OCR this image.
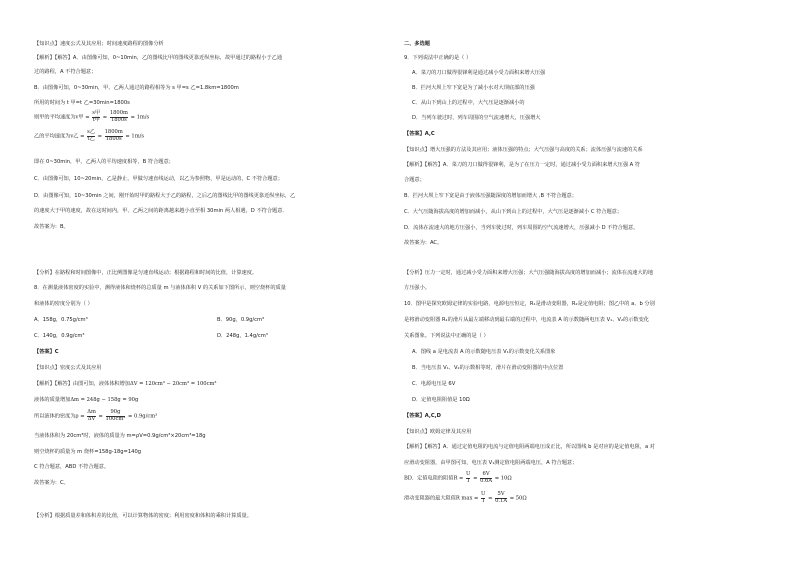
【知识点】速度公式及其应用；时间速度路程的图像分析
【解析】【解答】A．由图像可知，0~10min，乙的图线比甲的图线更靠近纵坐标，故甲通过的路程小于乙通
过的路程，A 不符合题意；
B．由图像可知，0~30min，甲、乙两人通过的路程相等为 s 甲=s 乙=1.8km=1800m
所用的时间为 t 甲=t 乙=30min=1800s
则甲的平均速度为v甲 = $\frac{\text{s甲}}{\text{t甲}} = \frac{1800m}{1800s} = 1m/s$
乙的平均速度为v乙 = $\frac{\text{s乙}}{\text{t乙}} = \frac{1800m}{1800s} = 1m/s$
即在 0~30min，甲、乙两人的平均速度相等，B 符合题意；
C．由图像可知，10~20min，乙是静止，甲做匀速直线运动，以乙为参照物，甲是运动的，C 不符合题意；
D．由图像可知，10~30min 之间，刚开始时甲的路程大于乙的路程，之后乙的图线比甲的图线更靠近纵坐标，乙
的速度大于甲的速度，故在这时间内，甲、乙两之间的距离越来越小直至相 30min 两人相遇，D 不符合题意．
故答案为：B。
【分析】在路程和时间图像中，正比例图像是匀速直线运动；根据路程和时间的比值，计算速度。
8．在测量液体密度的实验中，测得液体和烧杯的总质量 m 与液体体积 V 的关系如下图所示，则空烧杯的质量
和液体的密度分别为（ ）
A．158g，0.75g/cm³	B．90g，0.9g/cm³
C．140g，0.9g/cm³	D．248g，1.4g/cm³
【答案】C
【知识点】密度公式及其应用
【解析】【解答】由图可知，液体体积增加ΔV = 120cm³ − 20cm³ = 100cm³
液体的质量增加Δm = 248g − 158g = 90g
所以液体的密度为$\rho = \frac{\Delta m}{\Delta V} = \frac{90g}{\text{100cm³}} = 0.9g/cm^3$
当液体体积为 20cm³时，液体的质量为 m=ρV=0.9g/cm³×20cm³=18g
则空烧杯的质量为 m 烧杯=158g-18g=140g
C 符合题意，ABD 不符合题意。
故答案为：C。
【分析】根据质量差和体积差的比值，可以计算物体的密度；利用密度和体积的乘积计算质量。
二、多选题
9．下列说法中正确的是（ ）
A．菜刀的刀口做得很锋利是通过减小受力面积来增大压强
B．拦河大坝上窄下宽是为了减小水对大坝底部的压强
C．从山下到山上的过程中，大气压是逐渐减小的
D．当列车驶过时，列车周围的空气流速增大，压强增大
【答案】A,C
【知识点】增大压强的方法及其应用；液体压强的特点；大气压强与高度的关系；流体压强与流速的关系
【解析】【解答】A．菜刀的刀口做得很锋利，是为了在压力一定时，通过减小受力面积来增大压强 A 符
合题意；
B．拦河大坝上窄下宽是由于液体压强随深度的增加而增大 ,B 不符合题意；
C．大气压随海拔高度的增加而减小，从山下到山上的过程中，大气压是逐渐减小 C 符合题意；
D．流体在流速大的地方压强小，当列车驶过时，列车周围的空气流速增大，压强减小 D 不符合题意。
故答案为：AC。
【分析】压力一定时，通过减小受力面积来增大压强；大气压强随海拔高度的增加而减小；流体在流速大的地
方压强小。
10．图甲是探究欧姆定律的实验电路，电源电压恒定，R₁是滑动变阻器，R₂是定值电阻；图乙中的 a、b 分别
是将滑动变阻器 R₁的滑片从最左端移动到最右端的过程中，电流表 A 的示数随两电压表 V₁、V₂的示数变化
关系图象。下列说法中正确的是（ ）
A．图线 a 是电流表 A 的示数随电压表 V₁的示数变化关系图象
B．当电压表 V₁、V₂的示数相等时，滑片在滑动变阻器的中点位置
C．电源电压是 6V
D．定值电阻阻值是 10Ω
【答案】A,C,D
【知识点】欧姆定律及其应用
【解析】【解答】A．通过定值电阻的电流与定值电阻两端电压成正比，所以图线 b 是对应的是定值电阻，a 对
应滑动变阻器，由甲图可知，电压表 V₁测定值电阻两端电压，A 符合题意；
BD．定值电阻的阻值$R = \frac{U}{I} = \frac{6V}{0.6A} = 10\Omega$
滑动变阻器的最大阻值R $\max = \frac{U}{I} = \frac{5V}{0.1A} = 50\Omega$
